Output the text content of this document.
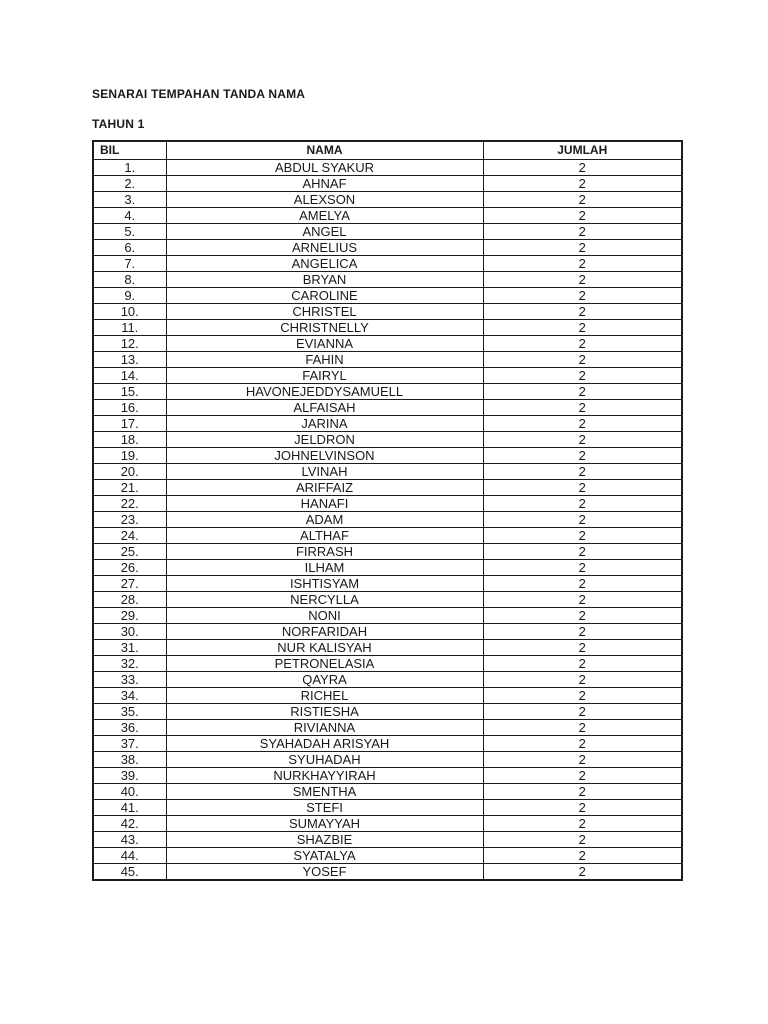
SENARAI TEMPAHAN TANDA NAMA
TAHUN 1
BIL	NAMA	JUMLAH
1.	ABDUL SYAKUR	2
2.	AHNAF	2
3.	ALEXSON	2
4.	AMELYA	2
5.	ANGEL	2
6.	ARNELIUS	2
7.	ANGELICA	2
8.	BRYAN	2
9.	CAROLINE	2
10.	CHRISTEL	2
11.	CHRISTNELLY	2
12.	EVIANNA	2
13.	FAHIN	2
14.	FAIRYL	2
15.	HAVONEJEDDYSAMUELL	2
16.	ALFAISAH	2
17.	JARINA	2
18.	JELDRON	2
19.	JOHNELVINSON	2
20.	LVINAH	2
21.	ARIFFAIZ	2
22.	HANAFI	2
23.	ADAM	2
24.	ALTHAF	2
25.	FIRRASH	2
26.	ILHAM	2
27.	ISHTISYAM	2
28.	NERCYLLA	2
29.	NONI	2
30.	NORFARIDAH	2
31.	NUR KALISYAH	2
32.	PETRONELASIA	2
33.	QAYRA	2
34.	RICHEL	2
35.	RISTIESHA	2
36.	RIVIANNA	2
37.	SYAHADAH ARISYAH	2
38.	SYUHADAH	2
39.	NURKHAYYIRAH	2
40.	SMENTHA	2
41.	STEFI	2
42.	SUMAYYAH	2
43.	SHAZBIE	2
44.	SYATALYA	2
45.	YOSEF	2
